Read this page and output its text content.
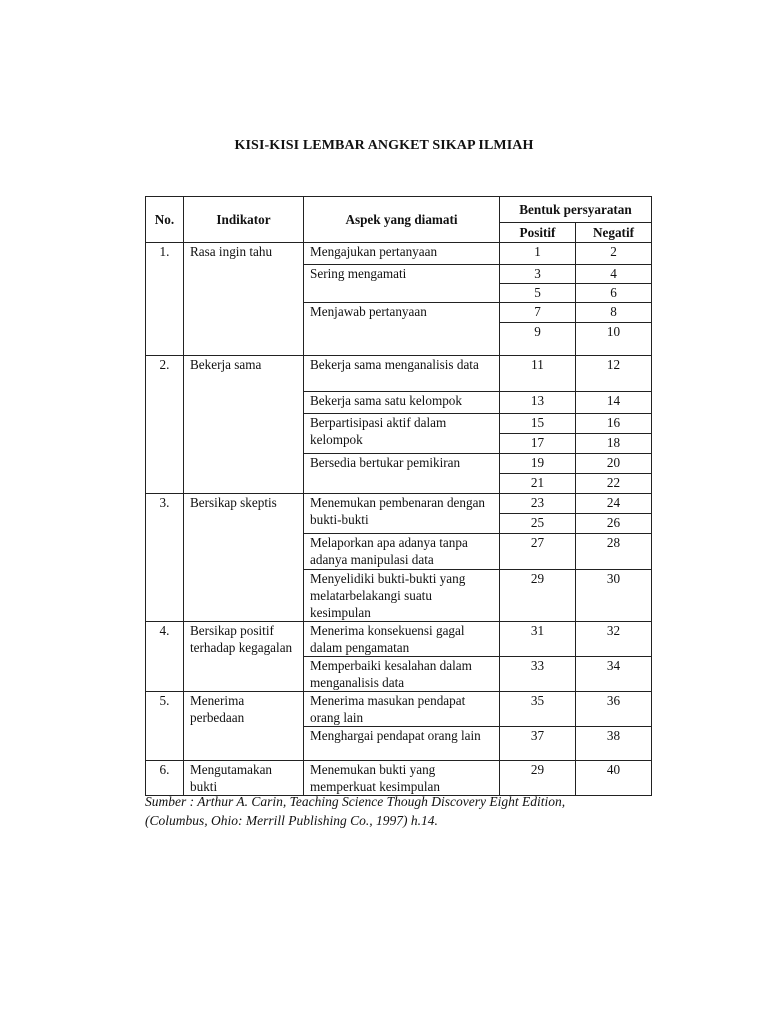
KISI-KISI LEMBAR ANGKET SIKAP ILMIAH
No.	Indikator	Aspek yang diamati	Bentuk persyaratan	
			Positif	Negatif
1.	Rasa ingin tahu	Mengajukan pertanyaan	1	2
		Sering mengamati	3	4
			5	6
		Menjawab pertanyaan	7	8
			9	10
2.	Bekerja sama	Bekerja sama menganalisis data	11	12
		Bekerja sama satu kelompok	13	14
		Berpartisipasi aktif dalam kelompok	15	16
			17	18
		Bersedia bertukar pemikiran	19	20
			21	22
3.	Bersikap skeptis	Menemukan pembenaran dengan bukti-bukti	23	24
			25	26
		Melaporkan apa adanya tanpa adanya manipulasi data	27	28
		Menyelidiki bukti-bukti yang melatarbelakangi suatu kesimpulan	29	30
4.	Bersikap positif terhadap kegagalan	Menerima konsekuensi gagal dalam pengamatan	31	32
		Memperbaiki kesalahan dalam menganalisis data	33	34
5.	Menerima perbedaan	Menerima masukan pendapat orang lain	35	36
		Menghargai pendapat orang lain	37	38
6.	Mengutamakan bukti	Menemukan bukti yang memperkuat kesimpulan	29	40
Sumber : Arthur A. Carin, Teaching Science Though Discovery Eight Edition,
(Columbus, Ohio: Merrill Publishing Co., 1997) h.14.
